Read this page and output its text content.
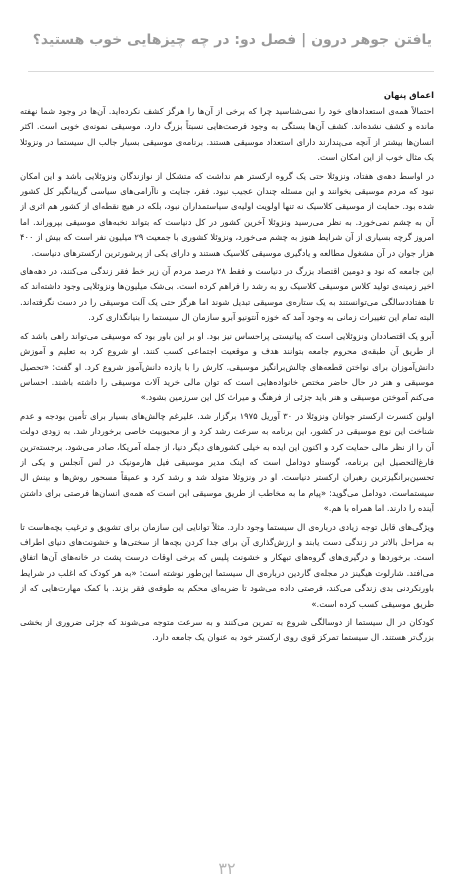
یافتن جوهر درون | فصل دو: در چه چیزهایی خوب هستید؟
اعماق پنهان

احتمالاً همه‌ی استعدادهای خود را نمی‌شناسید چرا که برخی از آن‌ها را هرگز کشف نکرده‌اید. آن‌ها در وجود شما نهفته مانده و کشف نشده‌اند. کشف آن‌ها بستگی به وجود فرصت‌هایی نسبتاً بزرگ دارد. موسیقی نمونه‌ی خوبی است. اکثر انسان‌ها بیشتر از آنچه می‌پندارند دارای استعداد موسیقی هستند. برنامه‌ی موسیقی بسیار جالب ال سیستما در ونزوئلا یک مثال خوب از این امکان است.

در اواسط دهه‌ی هفتاد، ونزوئلا حتی یک گروه ارکستر هم نداشت که متشکل از نوازندگان ونزوئلایی باشد و این امکان نبود که مردم موسیقی بخوانند و این مسئله چندان عجیب نبود. فقر، جنایت و ناآرامی‌های سیاسی گریبانگیر کل کشور شده بود. حمایت از موسیقی کلاسیک نه تنها اولویت اولیه‌ی سیاستمداران نبود، بلکه در هیچ نقطه‌ای از کشور هم اثری از آن به چشم نمی‌خورد. به نظر می‌رسید ونزوئلا آخرین کشور در کل دنیاست که بتواند نخبه‌های موسیقی بپروراند. اما امروز گرچه بسیاری از آن شرایط هنوز به چشم می‌خورد، ونزوئلا کشوری با جمعیت ۲۹ میلیون نفر است که بیش از ۴۰۰ هزار جوان در آن مشغول مطالعه و یادگیری موسیقی کلاسیک هستند و دارای یکی از پرشورترین ارکسترهای دنیاست.

این جامعه که نود و دومین اقتصاد بزرگ در دنیاست و فقط ۲۸ درصد مردم آن زیر خط فقر زندگی می‌کنند، در دهه‌های اخیر زمینه‌ی تولید کلاس موسیقی کلاسیک رو به رشد را فراهم کرده است. بی‌شک میلیون‌ها ونزوئلایی وجود داشته‌اند که تا هفتاددسالگی می‌توانستند به یک ستاره‌ی موسیقی تبدیل شوند اما هرگز حتی یک آلت موسیقی را در دست نگرفته‌اند. البته تمام این تغییرات زمانی به وجود آمد که خوزه آنتونیو آبرو سازمان ال سیستما را بنیانگذاری کرد.

آبرو یک اقتصاددان ونزوئلایی است که پیانیستی پراحساس نیز بود. او بر این باور بود که موسیقی می‌تواند راهی باشد که از طریق آن طبقه‌ی محروم جامعه بتوانند هدف و موقعیت اجتماعی کسب کنند. او شروع کرد به تعلیم و آموزش دانش‌آموزان برای نواختن قطعه‌های چالش‌برانگیز موسیقی. کارش را با یازده دانش‌آموز شروع کرد. او گفت: «تحصیل موسیقی و هنر در حال حاضر مختص خانواده‌هایی است که توان مالی خرید آلات موسیقی را داشته باشند. احساس می‌کنم آموختن موسیقی و هنر باید جزئی از فرهنگ و میراث کل این سرزمین بشود.»

اولین کنسرت ارکستر جوانان ونزوئلا در ۳۰ آوریل ۱۹۷۵ برگزار شد. علیرغم چالش‌های بسیار برای تأمین بودجه و عدم شناخت این نوع موسیقی در کشور، این برنامه به سرعت رشد کرد و از محبوبیت خاصی برخوردار شد. به زودی دولت آن را از نظر مالی حمایت کرد و اکنون این ایده به خیلی کشورهای دیگر دنیا، از جمله آمریکا، صادر می‌شود. برجسته‌ترین فارغ‌التحصیل این برنامه، گوستاو دودامل است که اینک مدیر موسیقی فیل هارمونیک در لس آنجلس و یکی از تحسین‌برانگیزترین رهبران ارکستر دنیاست. او در ونزوئلا متولد شد و رشد کرد و عمیقاً مسحور روش‌ها و بینش ال سیستماست. دودامل می‌گوید: «پیام ما به مخاطب از طریق موسیقی این است که همه‌ی انسان‌ها فرصتی برای داشتن آینده را دارند. اما همراه با هم.»

ویژگی‌های قابل توجه زیادی درباره‌ی ال سیستما وجود دارد. مثلاً توانایی این سازمان برای تشویق و ترغیب بچه‌هاست تا به مراحل بالاتر در زندگی دست یابند و ارزش‌گذاری آن برای جدا کردن بچه‌ها از سختی‌ها و خشونت‌های دنیای اطراف است. برخوردها و درگیری‌های گروه‌های تبهکار و خشونت پلیس که برخی اوقات درست پشت در خانه‌های آن‌ها اتفاق می‌افتد. شارلوت هیگینز در مجله‌ی گاردین درباره‌ی ال سیستما این‌طور نوشته است: «به هر کودک که اغلب در شرایط باورنکردنی بدی زندگی می‌کند، فرصتی داده می‌شود تا ضربه‌ای محکم به طوفه‌ی فقر بزند. با کمک مهارت‌هایی که از طریق موسیقی کسب کرده است.»

کودکان در ال سیستما از دوسالگی شروع به تمرین می‌کنند و به سرعت متوجه می‌شوند که جزئی ضروری از بخشی بزرگ‌تر هستند. ال سیستما تمرکز قوی روی ارکستر خود به عنوان یک جامعه دارد.

۳۲
